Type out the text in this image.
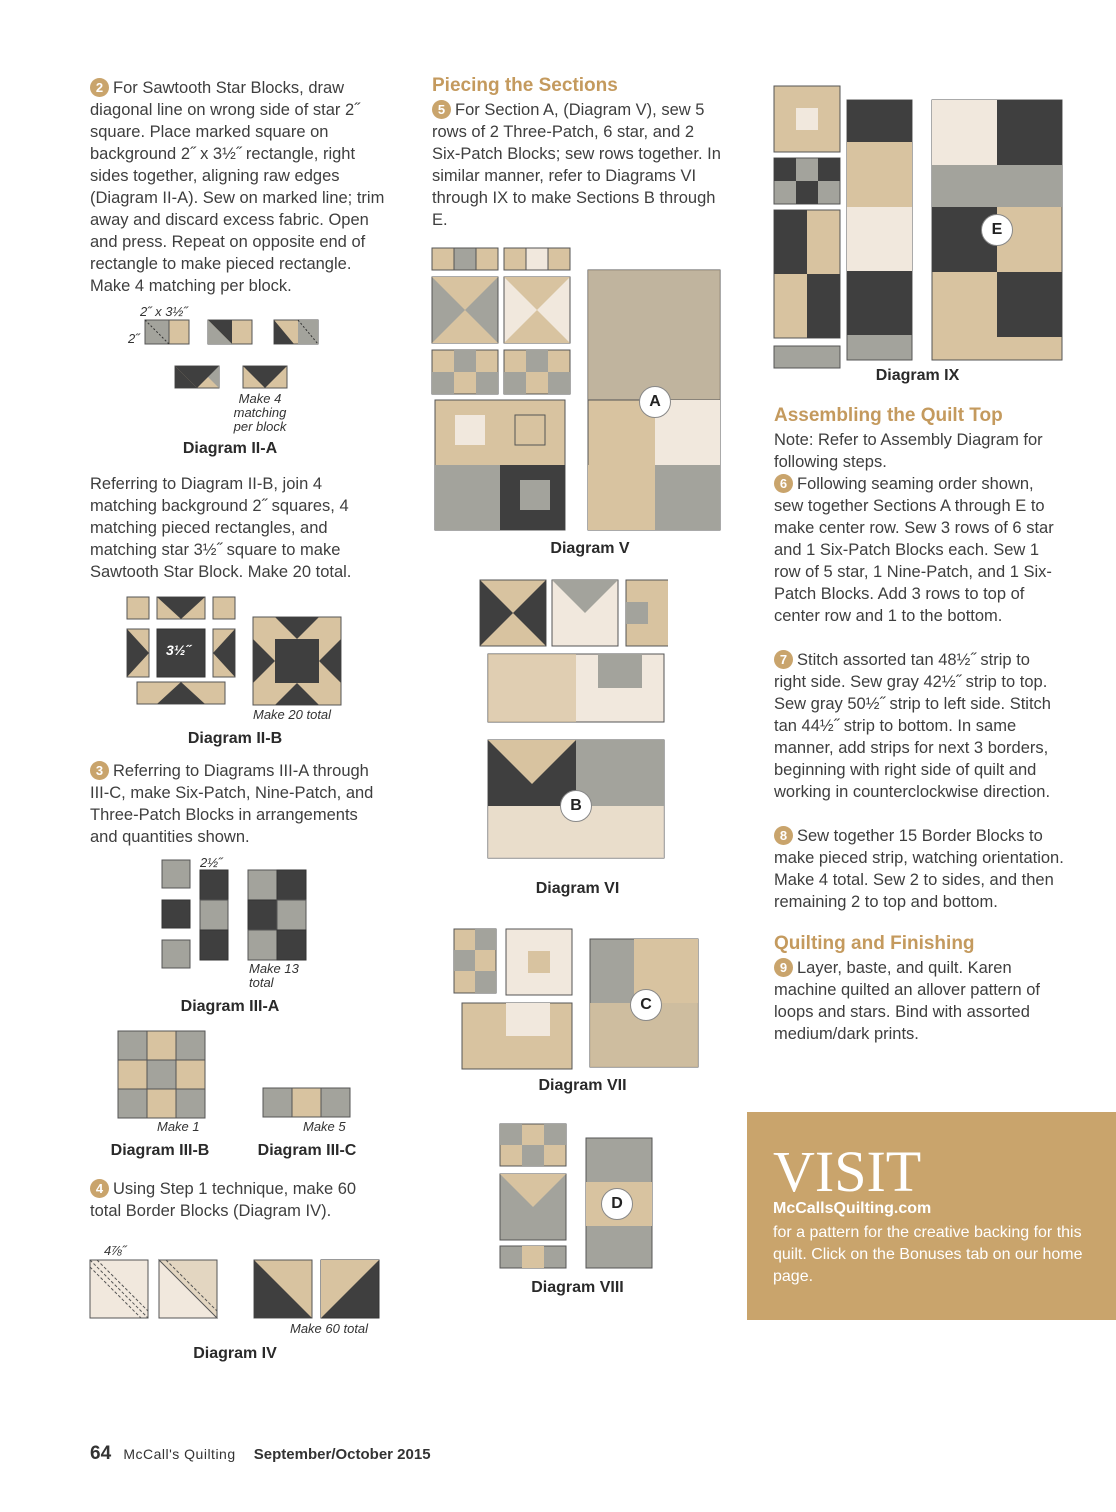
2 For Sawtooth Star Blocks, draw diagonal line on wrong side of star 2˝ square. Place marked square on background 2˝ x 3½˝ rectangle, right sides together, aligning raw edges (Diagram II-A). Sew on marked line; trim away and discard excess fabric. Open and press. Repeat on opposite end of rectangle to make pieced rectangle. Make 4 matching per block.
2˝ x 3½˝
2˝
Make 4 matching per block
Diagram II-A
Referring to Diagram II-B, join 4 matching background 2˝ squares, 4 matching pieced rectangles, and matching star 3½˝ square to make Sawtooth Star Block. Make 20 total.
3½˝
Make 20 total
Diagram II-B
3 Referring to Diagrams III-A through III-C, make Six-Patch, Nine-Patch, and Three-Patch Blocks in arrangements and quantities shown.
2½˝
Make 13 total
Diagram III-A
Make 1	Make 5
Diagram III-B	Diagram III-C
4 Using Step 1 technique, make 60 total Border Blocks (Diagram IV).
4⅞˝
Make 60 total
Diagram IV
Piecing the Sections
5 For Section A, (Diagram V), sew 5 rows of 2 Three-Patch, 6 star, and 2 Six-Patch Blocks; sew rows together. In similar manner, refer to Diagrams VI through IX to make Sections B through E.
A
Diagram V
B
Diagram VI
C
Diagram VII
D
Diagram VIII
E
Diagram IX
Assembling the Quilt Top
Note: Refer to Assembly Diagram for following steps.
6 Following seaming order shown, sew together Sections A through E to make center row. Sew 3 rows of 6 star and 1 Six-Patch Blocks each. Sew 1 row of 5 star, 1 Nine-Patch, and 1 Six-Patch Blocks. Add 3 rows to top of center row and 1 to the bottom.
7 Stitch assorted tan 48½˝ strip to right side. Sew gray 42½˝ strip to top. Sew gray 50½˝ strip to left side. Stitch tan 44½˝ strip to bottom. In same manner, add strips for next 3 borders, beginning with right side of quilt and working in counterclockwise direction.
8 Sew together 15 Border Blocks to make pieced strip, watching orientation. Make 4 total. Sew 2 to sides, and then remaining 2 to top and bottom.
Quilting and Finishing
9 Layer, baste, and quilt. Karen machine quilted an allover pattern of loops and stars. Bind with assorted medium/dark prints.
VISIT
McCallsQuilting.com
for a pattern for the creative backing for this quilt. Click on the Bonuses tab on our home page.
64 McCall's Quilting September/October 2015
